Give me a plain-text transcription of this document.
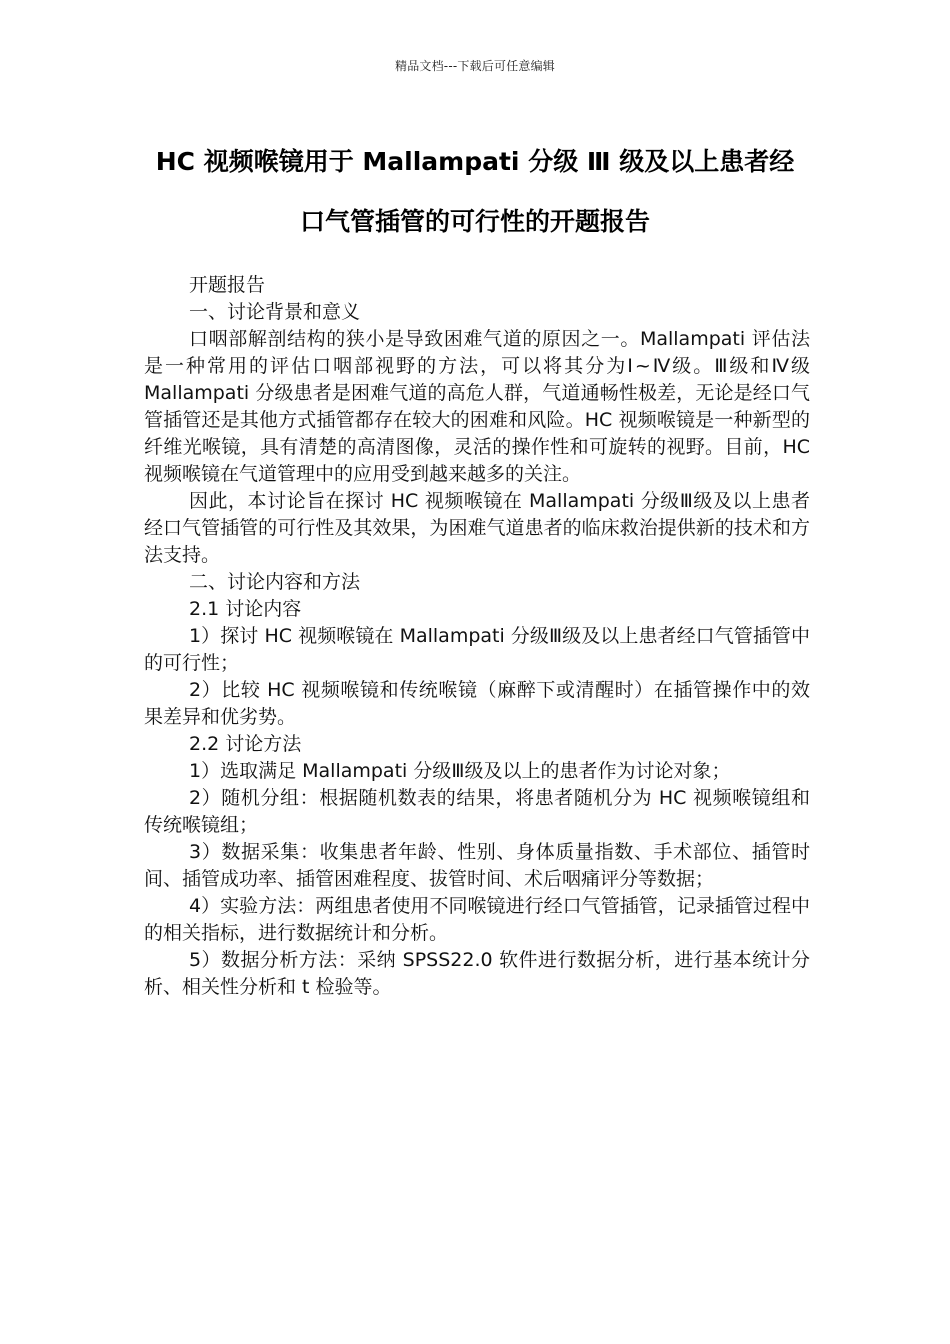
精品文档---下载后可任意编辑
HC 视频喉镜用于 Mallampati 分级 Ⅲ 级及以上患者经
口气管插管的可行性的开题报告

开题报告

一、讨论背景和意义

口咽部解剖结构的狭小是导致困难气道的原因之一。Mallampati 评估法是一种常用的评估口咽部视野的方法，可以将其分为Ⅰ~Ⅳ级。Ⅲ级和Ⅳ级 Mallampati 分级患者是困难气道的高危人群，气道通畅性极差，无论是经口气管插管还是其他方式插管都存在较大的困难和风险。HC 视频喉镜是一种新型的纤维光喉镜，具有清楚的高清图像，灵活的操作性和可旋转的视野。目前，HC 视频喉镜在气道管理中的应用受到越来越多的关注。

因此，本讨论旨在探讨 HC 视频喉镜在 Mallampati 分级Ⅲ级及以上患者经口气管插管的可行性及其效果，为困难气道患者的临床救治提供新的技术和方法支持。

二、讨论内容和方法

2.1 讨论内容

1）探讨 HC 视频喉镜在 Mallampati 分级Ⅲ级及以上患者经口气管插管中的可行性；

2）比较 HC 视频喉镜和传统喉镜（麻醉下或清醒时）在插管操作中的效果差异和优劣势。

2.2 讨论方法

1）选取满足 Mallampati 分级Ⅲ级及以上的患者作为讨论对象；

2）随机分组：根据随机数表的结果，将患者随机分为 HC 视频喉镜组和传统喉镜组；

3）数据采集：收集患者年龄、性别、身体质量指数、手术部位、插管时间、插管成功率、插管困难程度、拔管时间、术后咽痛评分等数据；

4）实验方法：两组患者使用不同喉镜进行经口气管插管，记录插管过程中的相关指标，进行数据统计和分析。

5）数据分析方法：采纳 SPSS22.0 软件进行数据分析，进行基本统计分析、相关性分析和 t 检验等。
